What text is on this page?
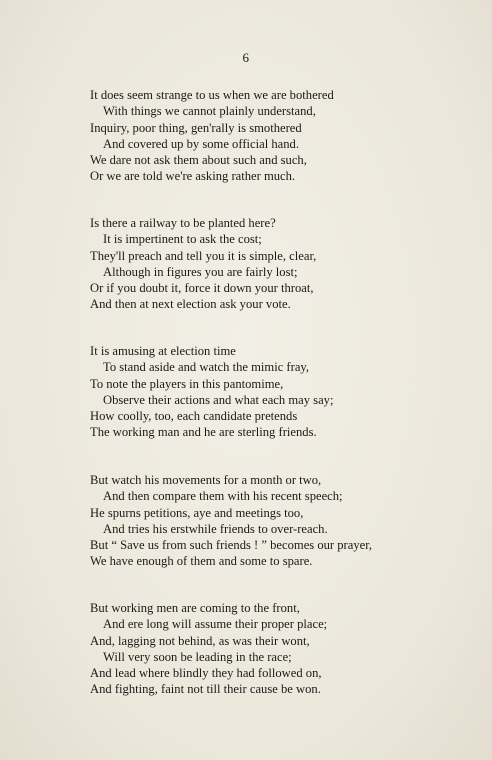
6
It does seem strange to us when we are bothered
With things we cannot plainly understand,
Inquiry, poor thing, gen'rally is smothered
And covered up by some official hand.
We dare not ask them about such and such,
Or we are told we're asking rather much.
Is there a railway to be planted here?
It is impertinent to ask the cost;
They'll preach and tell you it is simple, clear,
Although in figures you are fairly lost;
Or if you doubt it, force it down your throat,
And then at next election ask your vote.
It is amusing at election time
To stand aside and watch the mimic fray,
To note the players in this pantomime,
Observe their actions and what each may say;
How coolly, too, each candidate pretends
The working man and he are sterling friends.
But watch his movements for a month or two,
And then compare them with his recent speech;
He spurns petitions, aye and meetings too,
And tries his erstwhile friends to over-reach.
But “ Save us from such friends ! ” becomes our prayer,
We have enough of them and some to spare.
But working men are coming to the front,
And ere long will assume their proper place;
And, lagging not behind, as was their wont,
Will very soon be leading in the race;
And lead where blindly they had followed on,
And fighting, faint not till their cause be won.
